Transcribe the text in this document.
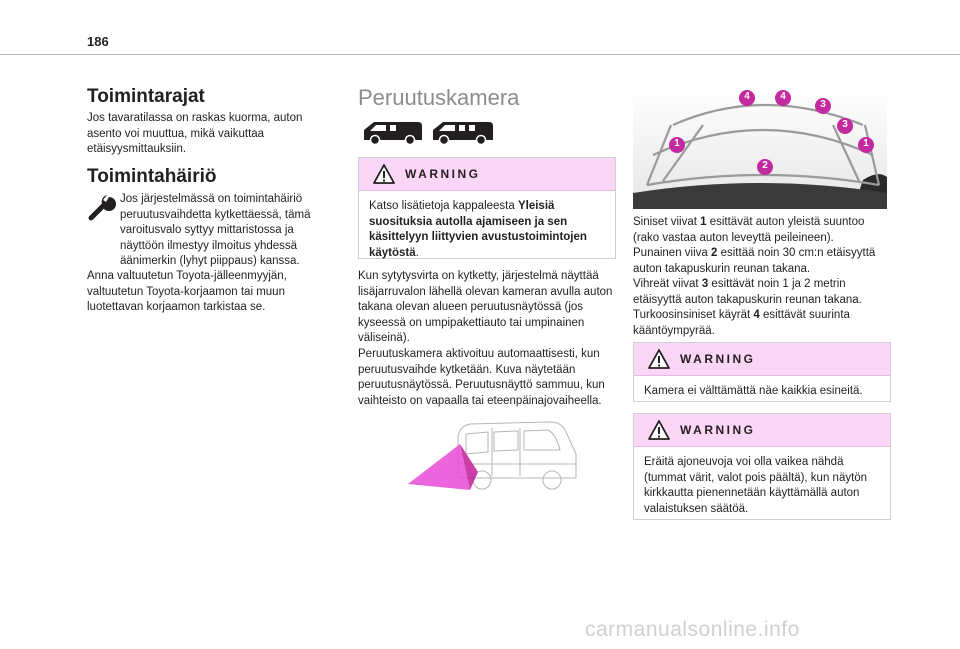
186
Toimintarajat
Jos tavaratilassa on raskas kuorma, auton asento voi muuttua, mikä vaikuttaa etäisyysmittauksiin.
Toimintahäiriö
Jos järjestelmässä on toimintahäiriö peruutusvaihdetta kytkettäessä, tämä varoitusvalo syttyy mittaristossa ja näyttöön ilmestyy ilmoitus yhdessä äänimerkin (lyhyt piippaus) kanssa.
Anna valtuutetun Toyota-jälleenmyyjän, valtuutetun Toyota-korjaamon tai muun luotettavan korjaamon tarkistaa se.
Peruutuskamera
WARNING
Katso lisätietoja kappaleesta Yleisiä suosituksia autolla ajamiseen ja sen käsittelyyn liittyvien avustustoimintojen käytöstä.
Kun sytytysvirta on kytketty, järjestelmä näyttää lisäjarruvalon lähellä olevan kameran avulla auton takana olevan alueen peruutusnäytössä (jos kyseessä on umpipakettiauto tai umpinainen väliseinä).
Peruutuskamera aktivoituu automaattisesti, kun peruutusvaihde kytketään. Kuva näytetään peruutusnäytössä. Peruutusnäyttö sammuu, kun vaihteisto on vapaalla tai eteenpäinajovaiheella.
1	1
2
3
3
4	4
Siniset viivat 1 esittävät auton yleistä suuntoo (rako vastaa auton leveyttä peileineen).
Punainen viiva 2 esittää noin 30 cm:n etäisyyttä auton takapuskurin reunan takana.
Vihreät viivat 3 esittävät noin 1 ja 2 metrin etäisyyttä auton takapuskurin reunan takana.
Turkoosinsiniset käyrät 4 esittävät suurinta kääntöympyrää.
WARNING
Kamera ei välttämättä näe kaikkia esineitä.
WARNING
Eräitä ajoneuvoja voi olla vaikea nähdä (tummat värit, valot pois päältä), kun näytön kirkkautta pienennetään käyttämällä auton valaistuksen säätöä.
carmanualsonline.info
